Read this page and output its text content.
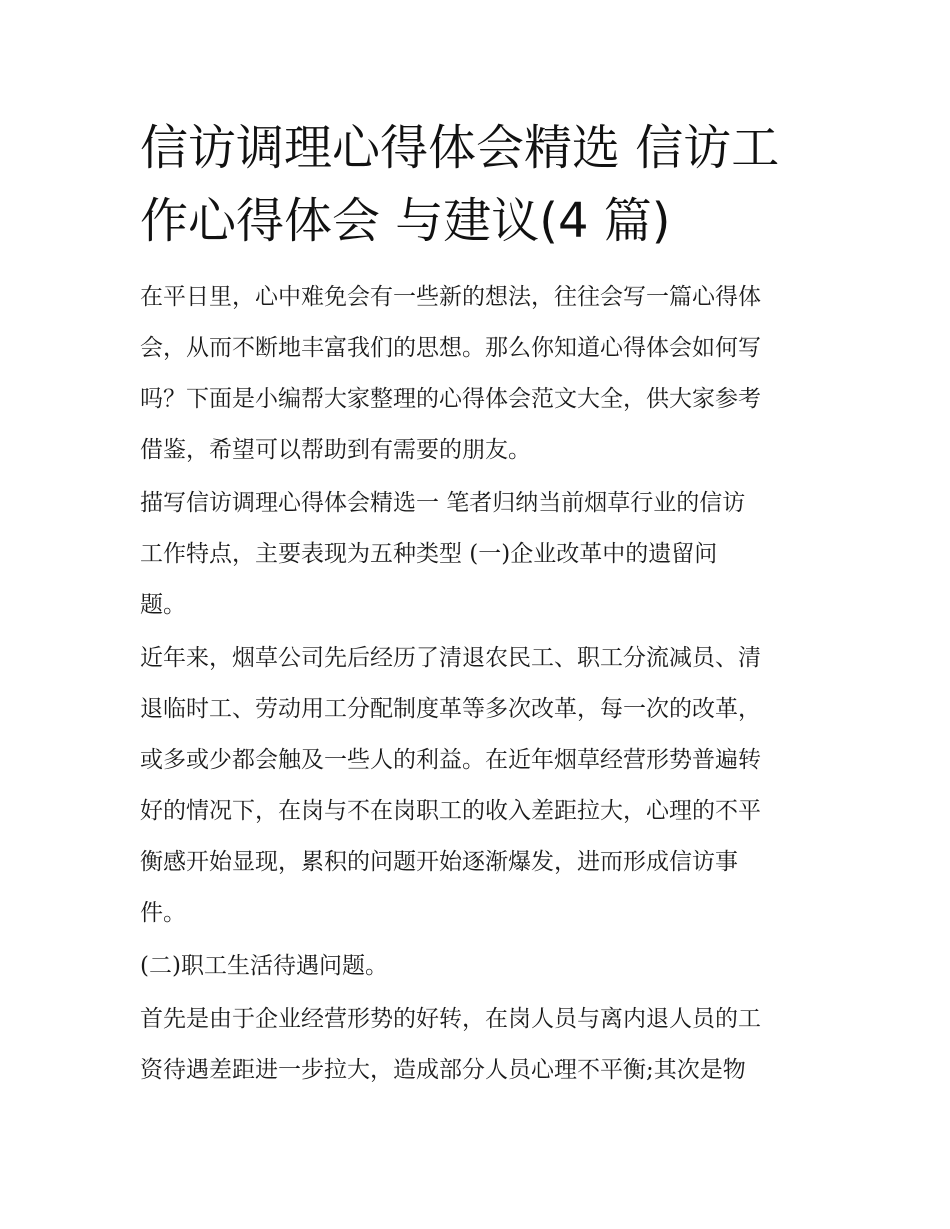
信访调理心得体会精选 信访工
作心得体会 与建议(4 篇)

在平日里，心中难免会有一些新的想法，往往会写一篇心得体
会，从而不断地丰富我们的思想。那么你知道心得体会如何写
吗？下面是小编帮大家整理的心得体会范文大全，供大家参考
借鉴，希望可以帮助到有需要的朋友。

描写信访调理心得体会精选一 笔者归纳当前烟草行业的信访
工作特点，主要表现为五种类型 (一)企业改革中的遗留问
题。

近年来，烟草公司先后经历了清退农民工、职工分流减员、清
退临时工、劳动用工分配制度革等多次改革，每一次的改革，
或多或少都会触及一些人的利益。在近年烟草经营形势普遍转
好的情况下，在岗与不在岗职工的收入差距拉大，心理的不平
衡感开始显现，累积的问题开始逐渐爆发，进而形成信访事
件。

(二)职工生活待遇问题。

首先是由于企业经营形势的好转，在岗人员与离内退人员的工
资待遇差距进一步拉大，造成部分人员心理不平衡;其次是物
